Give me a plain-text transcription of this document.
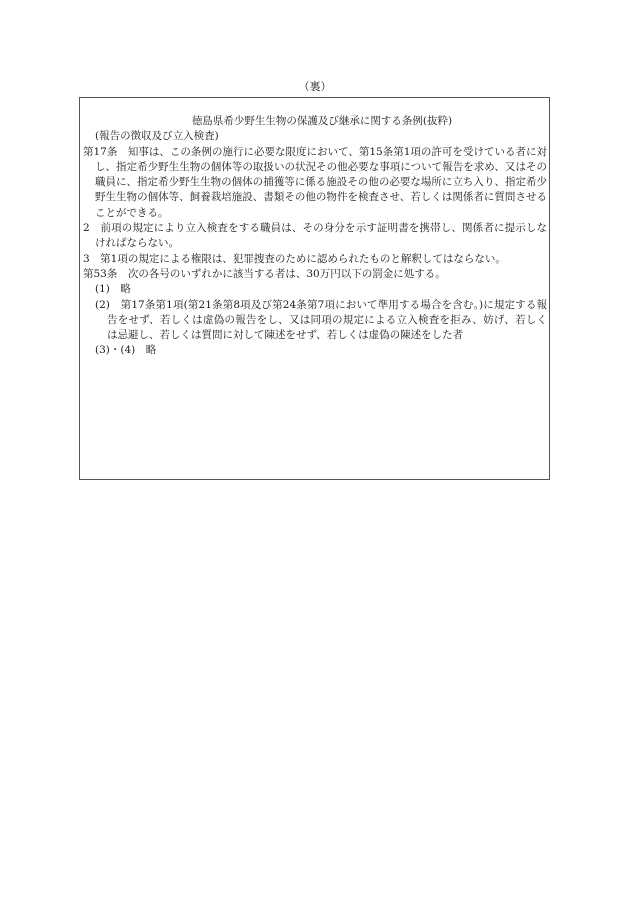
（裏）

徳島県希少野生生物の保護及び継承に関する条例(抜粋)

(報告の徴収及び立入検査)

第17条　知事は、この条例の施行に必要な限度において、第15条第1項の許可を受けている者に対し、指定希少野生生物の個体等の取扱いの状況その他必要な事項について報告を求め、又はその職員に、指定希少野生生物の個体の捕獲等に係る施設その他の必要な場所に立ち入り、指定希少野生生物の個体等、飼養栽培施設、書類その他の物件を検査させ、若しくは関係者に質問させることができる。

2　前項の規定により立入検査をする職員は、その身分を示す証明書を携帯し、関係者に提示しなければならない。

3　第1項の規定による権限は、犯罪捜査のために認められたものと解釈してはならない。

第53条　次の各号のいずれかに該当する者は、30万円以下の罰金に処する。

(1)　略

(2)　第17条第1項(第21条第8項及び第24条第7項において準用する場合を含む。)に規定する報告をせず、若しくは虚偽の報告をし、又は同項の規定による立入検査を拒み、妨げ、若しくは忌避し、若しくは質問に対して陳述をせず、若しくは虚偽の陳述をした者

(3)・(4)　略
